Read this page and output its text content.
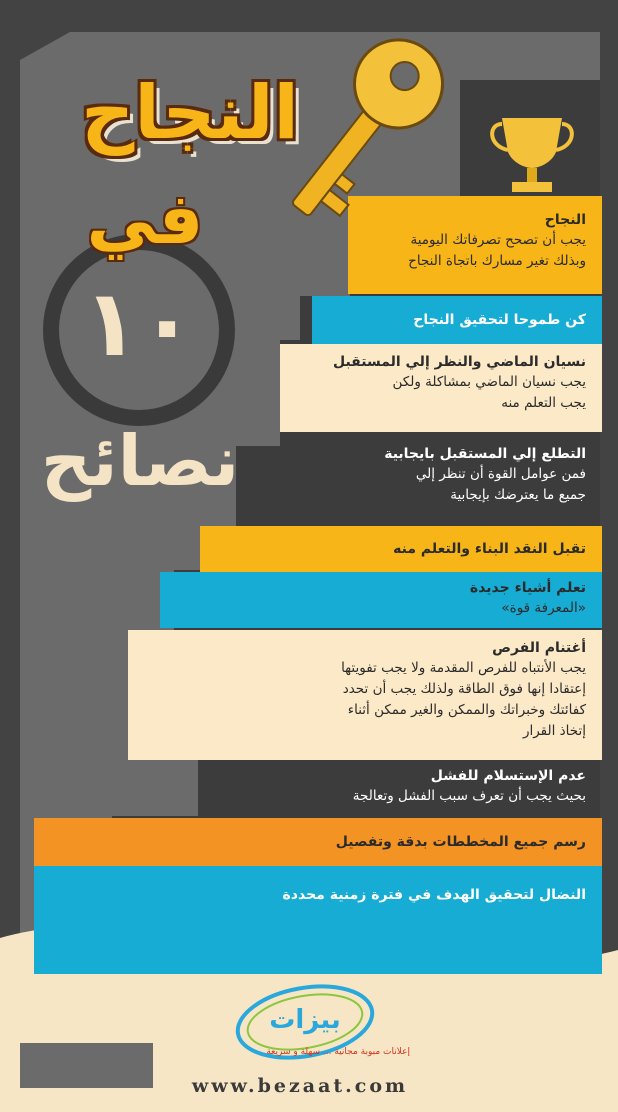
النجاح
في
١٠
نصائح
النجاح
يجب أن تصحح تصرفاتك اليومية
وبذلك تغير مسارك باتجاة النجاح
كن طموحا لتحقيق النجاح
نسيان الماضي والنظر إلي المستقبل
يجب نسيان الماضي بمشاكلة ولكن
يجب التعلم منه
التطلع إلي المستقبل بايجابية
فمن عوامل القوة أن تنظر إلي
جميع ما يعترضك بإيجابية
تقبل النقد البناء والتعلم منه
تعلم أشياء جديدة
«المعرفة قوة»
أغتنام الفرص
يجب الأنتباه للفرص المقدمة ولا يجب تفويتها
إعتقادا إنها فوق الطاقة ولذلك يجب أن تحدد
كفائتك وخبراتك والممكن والغير ممكن أثناء
إتخاذ القرار
عدم الإستسلام للفشل
بحيث يجب أن تعرف سبب الفشل وتعالجة
رسم جميع المخططات بدقة وتفصيل
النضال لتحقيق الهدف في فترة زمنية محددة
بيزات
إعلانات مبوبة مجانية ... سهلة و سريعة
www.bezaat.com
